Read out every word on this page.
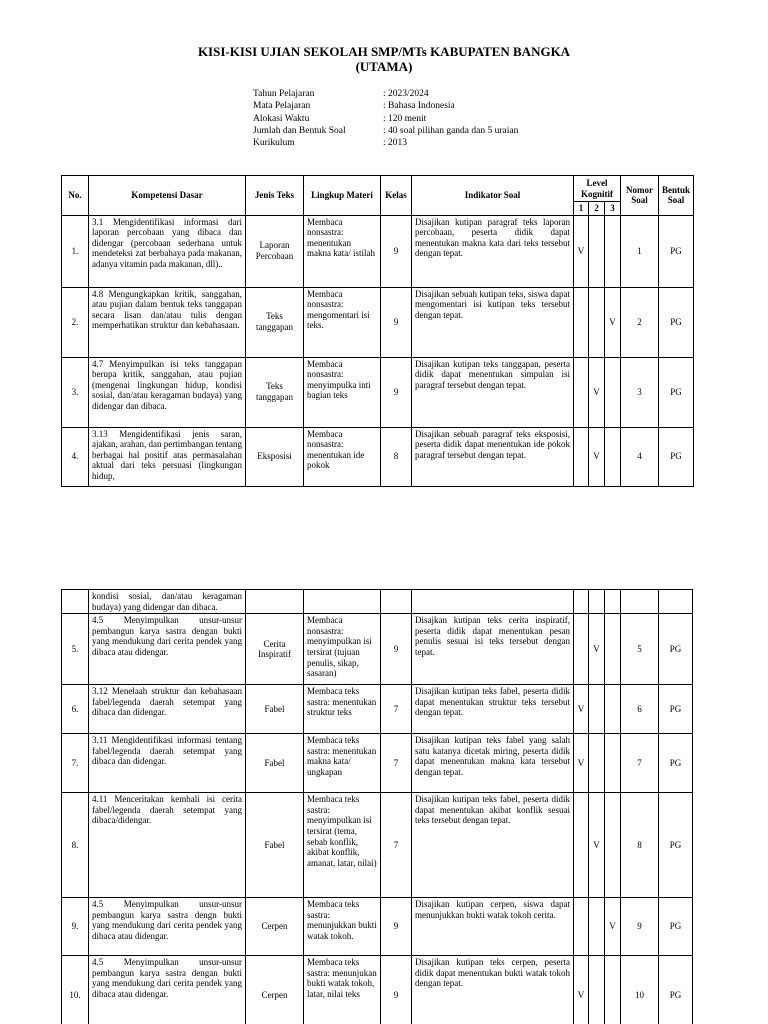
KISI-KISI UJIAN SEKOLAH SMP/MTs KABUPATEN BANGKA
(UTAMA)
Tahun Pelajaran	: 2023/2024
Mata Pelajaran	: Bahasa Indonesia
Alokasi Waktu	: 120 menit
Jumlah dan Bentuk Soal	: 40 soal pilihan ganda dan 5 uraian
Kurikulum	: 2013
No.	Kompetensi Dasar	Jenis Teks	Lingkup Materi	Kelas	Indikator Soal	Level Kognitif			Nomor Soal	Bentuk Soal
						1	2	3		
1.	3.1 Mengidentifikasi informasi dari laporan percobaan yang dibaca dan didengar (percobaan sederhana untuk mendeteksi zat berbahaya pada makanan, adanya vitamin pada makanan, dll)..	Laporan Percobaan	Membaca nonsastra: menentukan makna kata/ istilah	9	Disajikan kutipan paragraf teks laporan percobaan, peserta didik dapat menentukan makna kata dari teks tersebut dengan tepat.	V			1	PG
2.	4.8 Mengungkapkan kritik, sanggahan, atau pujian dalam bentuk teks tanggapan secara lisan dan/atau tulis dengan memperhatikan struktur dan kebahasaan.	Teks tanggapan	Membaca nonsastra: mengomentari isi teks.	9	Disajikan sebuah kutipan teks, siswa dapat mengomentari isi kutipan teks tersebut dengan tepat.			V	2	PG
3.	4.7 Menyimpulkan isi teks tanggapan berupa kritik, sanggahan, atau pujian (mengenai lingkungan hidup, kondisi sosial, dan/atau keragaman budaya) yang didengar dan dibaca.	Teks tanggapan	Membaca nonsastra: menyimpulka inti bagian teks	9	Disajikan kutipan teks tanggapan, peserta didik dapat menentukan simpulan isi paragraf tersebut dengan tepat.		V		3	PG
4.	3.13 Mengidentifikasi jenis saran, ajakan, arahan, dan pertimbangan tentang berbagai hal positif atas permasalahan aktual dari teks persuasi (lingkungan hidup,	Eksposisi	Membaca nonsastra: menentukan ide pokok	8	Disajikan sebuah paragraf teks eksposisi, peserta didik dapat menentukan ide pokok paragraf tersebut dengan tepat.		V		4	PG
	kondisi sosial, dan/atau keragaman budaya) yang didengar dan dibaca.									
5.	4.5 Menyimpulkan unsur-unsur pembangun karya sastra dengan bukti yang mendukung dari cerita pendek yang dibaca atau didengar.	Cerita Inspiratif	Membaca nonsastra: menyimpulkan isi tersirat (tujuan penulis, sikap, sasaran)	9	Disajkan kutipan teks cerita inspiratif, peserta didik dapat menentukan pesan penulis sesuai isi teks tersebut dengan tepat.		V		5	PG
6.	3.12 Menelaah struktur dan kebahasaan fabel/legenda daerah setempat yang dibaca dan didengar.	Fabel	Membaca teks sastra: menentukan struktur teks	7	Disajikan kutipan teks fabel, peserta didik dapat menentukan struktur teks tersebut dengan tepat.	V			6	PG
7.	3.11 Mengidentifikasi informasi tentang fabel/legenda daerah setempat yang dibaca dan didengar.	Fabel	Membaca teks sastra: menentukan makna kata/ ungkapan	7	Disajikan kutipan teks fabel yang salah satu katanya dicetak miring, peserta didik dapat menentukan makna kata tersebut dengan tepat.	V			7	PG
8.	4.11 Menceritakan kembali isi cerita fabel/legenda daerah setempat yang dibaca/didengar.	Fabel	Membaca teks sastra: menyimpulkan isi tersirat (tema, sebab konflik, akibat konflik, amanat, latar, nilai)	7	Disajikan kutipan teks fabel, peserta didik dapat menentukan akibat konflik sesuai teks tersebut dengan tepat.		V		8	PG
9.	4.5 Menyimpulkan unsur-unsur pembangun karya sastra dengn bukti yang mendukung dari cerita pendek yang dibaca atau didengar.	Cerpen	Membaca teks sastra: menunjukkan bukti watak tokoh.	9	Disajikan kutipan cerpen, siswa dapat menunjukkan bukti watak tokoh cerita.			V	9	PG
10.	4.5 Menyimpulkan unsur-unsur pembangun karya sastra dengan bukti yang mendukung dari cerita pendek yang dibaca atau didengar.	Cerpen	Membaca teks sastra: menunjukan bukti watak tokoh, latar, nilai teks	9	Disajikan kutipan teks cerpen, peserta didik dapat menentukan bukti watak tokoh dengan tepat.	V			10	PG
